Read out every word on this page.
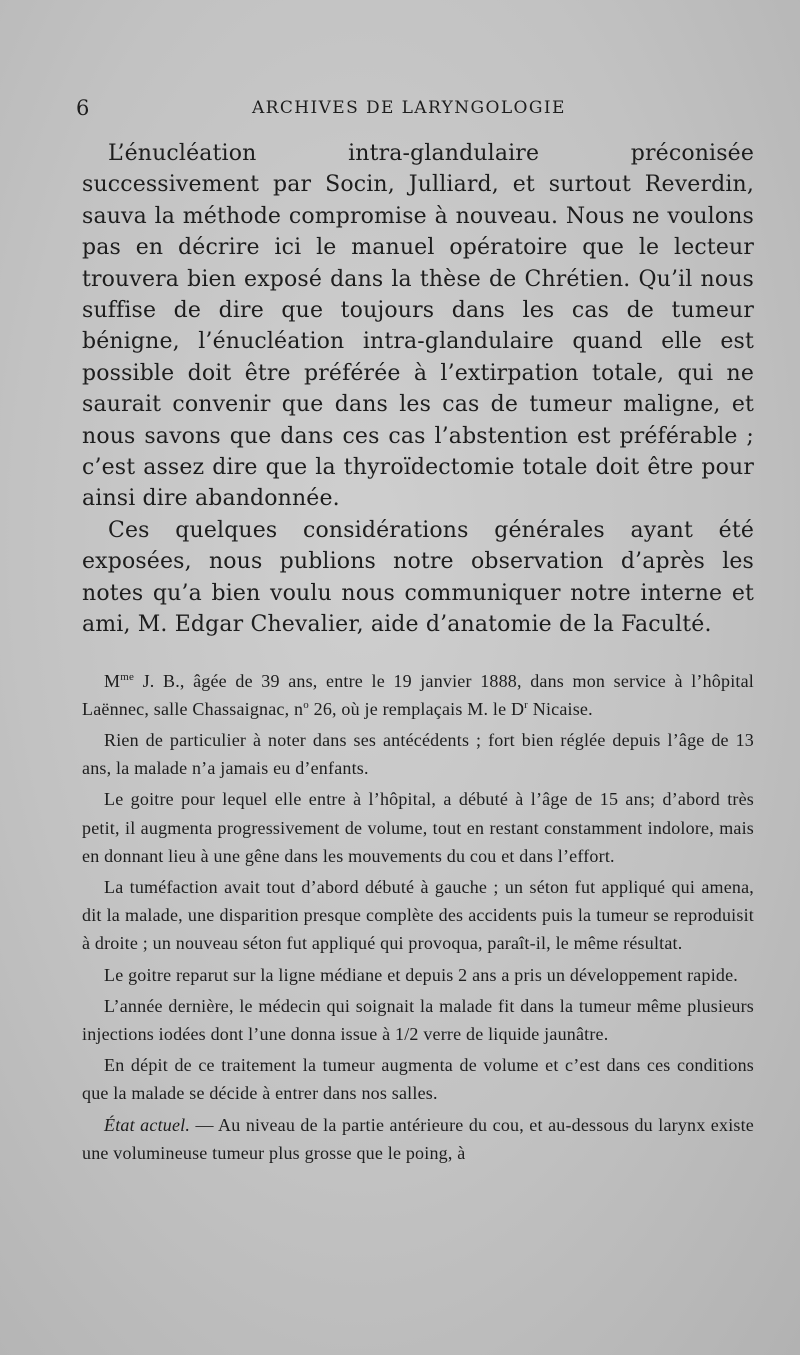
6	ARCHIVES DE LARYNGOLOGIE

L’énucléation intra-glandulaire préconisée successivement par Socin, Julliard, et surtout Reverdin, sauva la méthode compromise à nouveau. Nous ne voulons pas en décrire ici le manuel opératoire que le lecteur trouvera bien exposé dans la thèse de Chrétien. Qu’il nous suffise de dire que toujours dans les cas de tumeur bénigne, l’énucléation intra-glandulaire quand elle est possible doit être préférée à l’extirpation totale, qui ne saurait convenir que dans les cas de tumeur maligne, et nous savons que dans ces cas l’abstention est préférable ; c’est assez dire que la thyroïdectomie totale doit être pour ainsi dire abandonnée.

Ces quelques considérations générales ayant été exposées, nous publions notre observation d’après les notes qu’a bien voulu nous communiquer notre interne et ami, M. Edgar Chevalier, aide d’anatomie de la Faculté.

$M^{me}$ J. B., âgée de 39 ans, entre le 19 janvier 1888, dans mon service à l’hôpital Laënnec, salle Chassaignac, $n^o$ 26, où je remplaçais M. le $D^r$ Nicaise.

Rien de particulier à noter dans ses antécédents ; fort bien réglée depuis l’âge de 13 ans, la malade n’a jamais eu d’enfants.

Le goitre pour lequel elle entre à l’hôpital, a débuté à l’âge de 15 ans; d’abord très petit, il augmenta progressivement de volume, tout en restant constamment indolore, mais en donnant lieu à une gêne dans les mouvements du cou et dans l’effort.

La tuméfaction avait tout d’abord débuté à gauche ; un séton fut appliqué qui amena, dit la malade, une disparition presque complète des accidents puis la tumeur se reproduisit à droite ; un nouveau séton fut appliqué qui provoqua, paraît-il, le même résultat.

Le goitre reparut sur la ligne médiane et depuis 2 ans a pris un développement rapide.

L’année dernière, le médecin qui soignait la malade fit dans la tumeur même plusieurs injections iodées dont l’une donna issue à 1/2 verre de liquide jaunâtre.

En dépit de ce traitement la tumeur augmenta de volume et c’est dans ces conditions que la malade se décide à entrer dans nos salles.

État actuel. — Au niveau de la partie antérieure du cou, et au-dessous du larynx existe une volumineuse tumeur plus grosse que le poing, à
